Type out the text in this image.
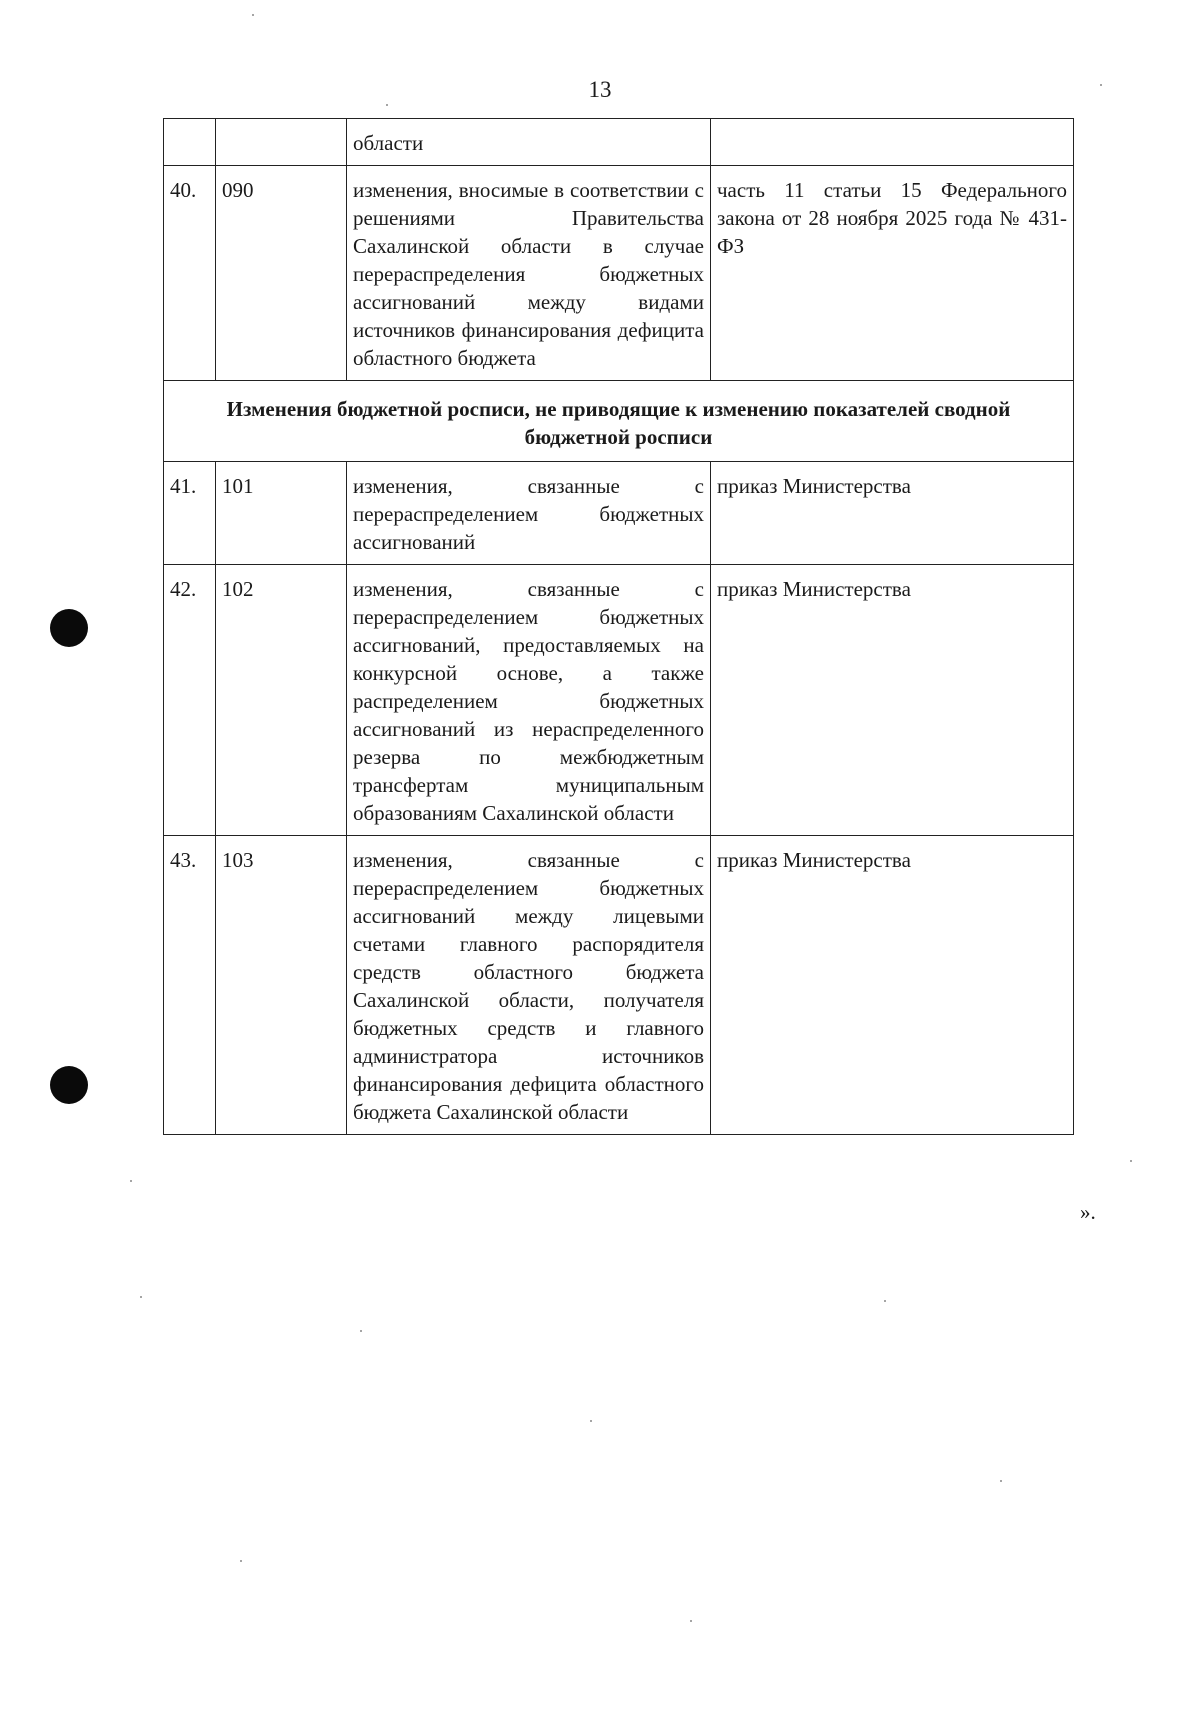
13
		области	
40.	090	изменения, вносимые в соответствии с решениями Правительства Сахалинской области в случае перераспределения бюджетных ассигнований между видами источников финансирования дефицита областного бюджета	часть 11 статьи 15 Федерального закона от 28 ноября 2025 года № 431-ФЗ
Изменения бюджетной росписи, не приводящие к изменению показателей сводной бюджетной росписи			
41.	101	изменения, связанные с перераспределением бюджетных ассигнований	приказ Министерства
42.	102	изменения, связанные с перераспределением бюджетных ассигнований, предоставляемых на конкурсной основе, а также распределением бюджетных ассигнований из нераспределенного резерва по межбюджетным трансфертам муниципальным образованиям Сахалинской области	приказ Министерства
43.	103	изменения, связанные с перераспределением бюджетных ассигнований между лицевыми счетами главного распорядителя средств областного бюджета Сахалинской области, получателя бюджетных средств и главного администратора источников финансирования дефицита областного бюджета Сахалинской области	приказ Министерства
».
